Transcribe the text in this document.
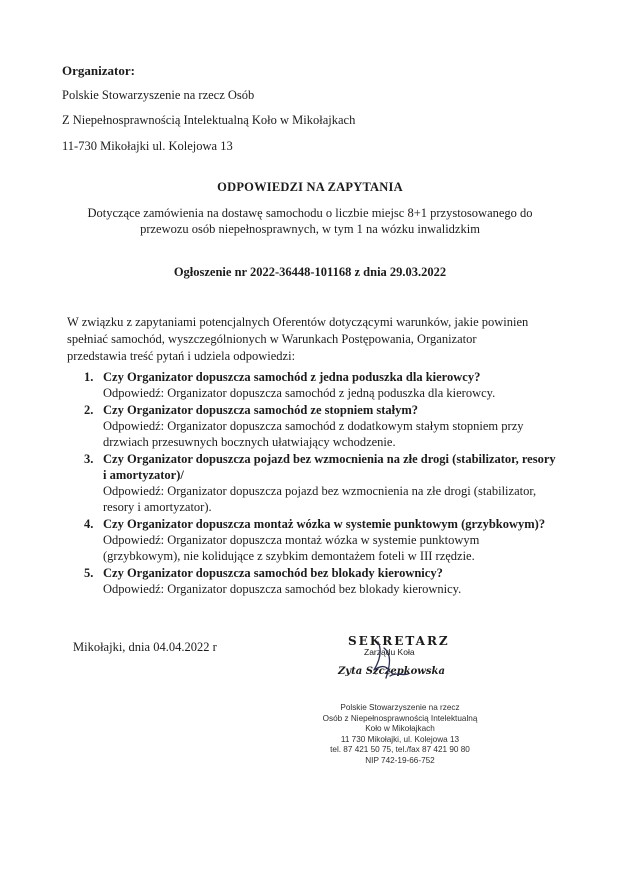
Organizator:
Polskie Stowarzyszenie na rzecz Osób
Z Niepełnosprawnością Intelektualną Koło w Mikołajkach
11-730 Mikołajki ul. Kolejowa 13
ODPOWIEDZI NA ZAPYTANIA
Dotyczące zamówienia na dostawę samochodu o liczbie miejsc 8+1 przystosowanego do
przewozu osób niepełnosprawnych, w tym 1 na wózku inwalidzkim
Ogłoszenie nr 2022-36448-101168 z dnia 29.03.2022
W związku z zapytaniami potencjalnych Oferentów dotyczącymi warunków, jakie powinien
spełniać samochód, wyszczególnionych w Warunkach Postępowania, Organizator
przedstawia treść pytań i udziela odpowiedzi:
1. Czy Organizator dopuszcza samochód z jedna poduszka dla kierowcy?
Odpowiedź: Organizator dopuszcza samochód z jedną poduszka dla kierowcy.
2. Czy Organizator dopuszcza samochód ze stopniem stałym?
Odpowiedź: Organizator dopuszcza samochód z dodatkowym stałym stopniem przy drzwiach przesuwnych bocznych ułatwiający wchodzenie.
3. Czy Organizator dopuszcza pojazd bez wzmocnienia na złe drogi (stabilizator, resory i amortyzator)/
Odpowiedź: Organizator dopuszcza pojazd bez wzmocnienia na złe drogi (stabilizator, resory i amortyzator).
4. Czy Organizator dopuszcza montaż wózka w systemie punktowym (grzybkowym)?
Odpowiedź: Organizator dopuszcza montaż wózka w systemie punktowym (grzybkowym), nie kolidujące z szybkim demontażem foteli w III rzędzie.
5. Czy Organizator dopuszcza samochód bez blokady kierownicy?
Odpowiedź: Organizator dopuszcza samochód bez blokady kierownicy.
Mikołajki, dnia 04.04.2022 r	SEKRETARZ
Zarządu Koła
Zyta Szczepkowska
Polskie Stowarzyszenie na rzecz
Osób z Niepełnosprawnością Intelektualną
Koło w Mikołajkach
11 730 Mikołajki, ul. Kolejowa 13
tel. 87 421 50 75, tel./fax 87 421 90 80
NIP 742-19-66-752
